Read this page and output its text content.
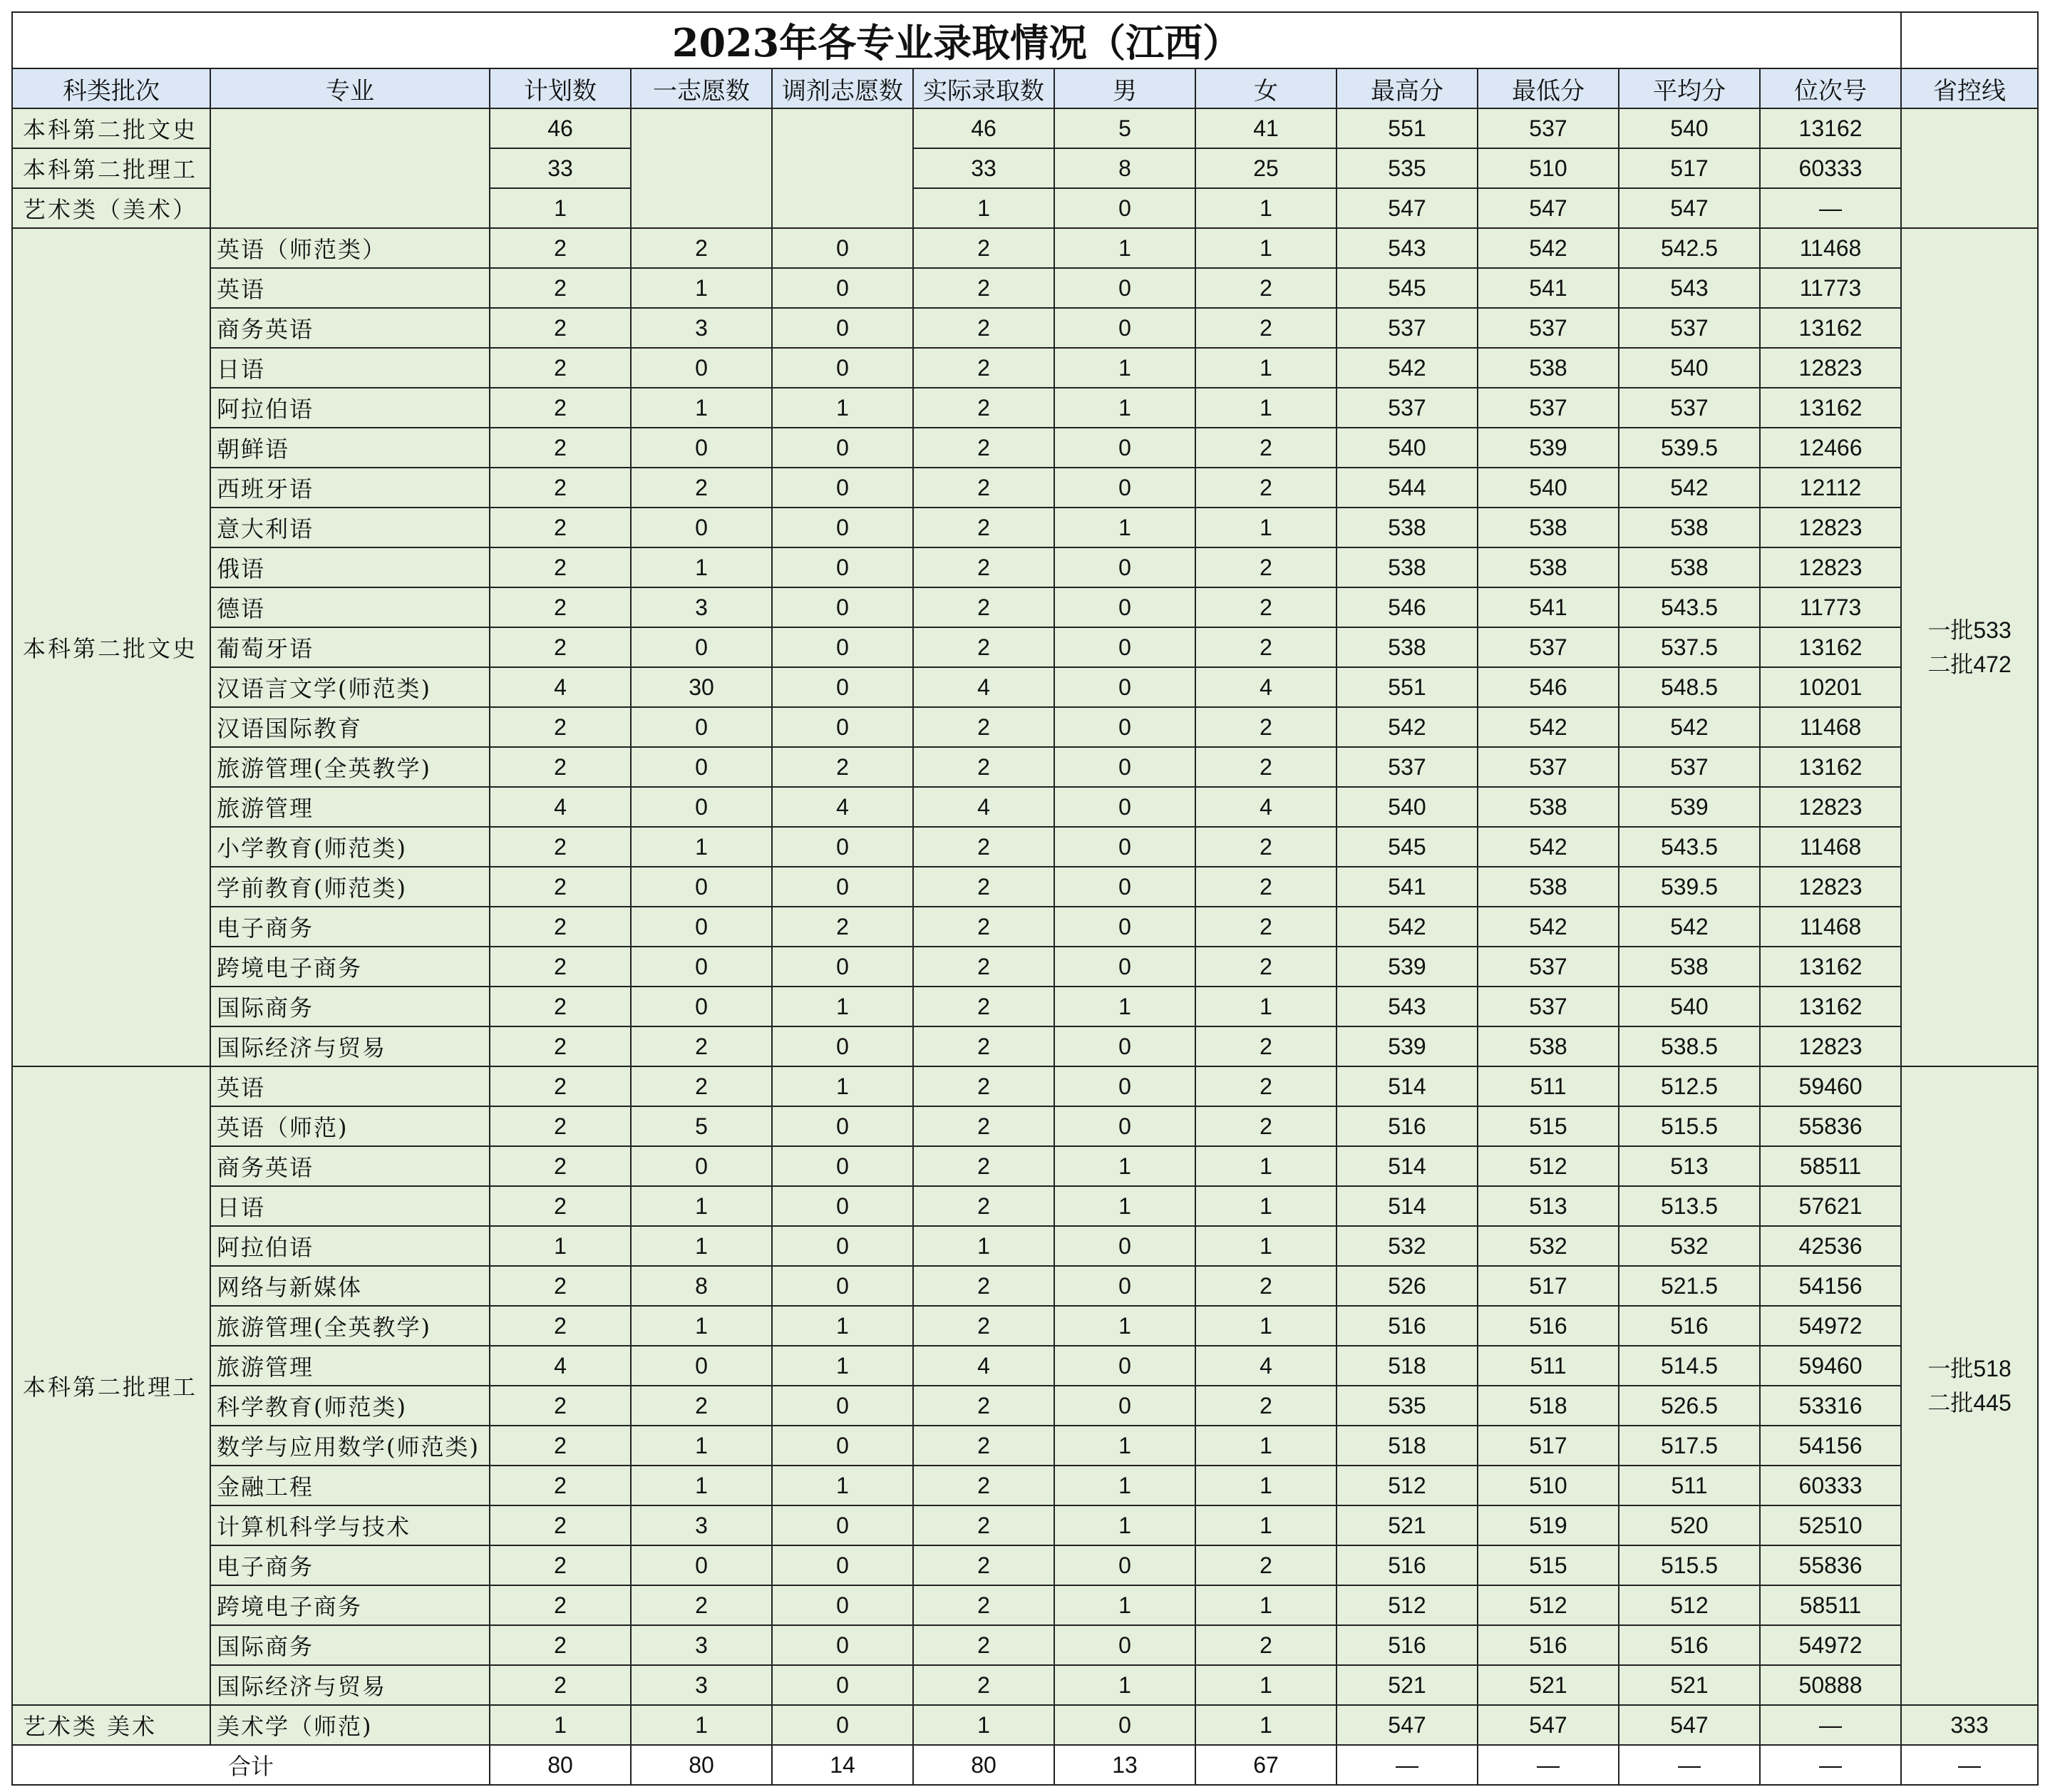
2023年各专业录取情况（江西）												
科类批次	专业	计划数	一志愿数	调剂志愿数	实际录取数	男	女	最高分	最低分	平均分	位次号	省控线
本科第二批文史		46			46	5	41	551	537	540	13162	
本科第二批理工		33			33	8	25	535	510	517	60333	
艺术类（美术）		1			1	0	1	547	547	547	—	
本科第二批文史	英语（师范类）	2	2	0	2	1	1	543	542	542.5	11468	一批533
二批472
	英语	2	1	0	2	0	2	545	541	543	11773	
	商务英语	2	3	0	2	0	2	537	537	537	13162	
	日语	2	0	0	2	1	1	542	538	540	12823	
	阿拉伯语	2	1	1	2	1	1	537	537	537	13162	
	朝鲜语	2	0	0	2	0	2	540	539	539.5	12466	
	西班牙语	2	2	0	2	0	2	544	540	542	12112	
	意大利语	2	0	0	2	1	1	538	538	538	12823	
	俄语	2	1	0	2	0	2	538	538	538	12823	
	德语	2	3	0	2	0	2	546	541	543.5	11773	
	葡萄牙语	2	0	0	2	0	2	538	537	537.5	13162	
	汉语言文学(师范类)	4	30	0	4	0	4	551	546	548.5	10201	
	汉语国际教育	2	0	0	2	0	2	542	542	542	11468	
	旅游管理(全英教学)	2	0	2	2	0	2	537	537	537	13162	
	旅游管理	4	0	4	4	0	4	540	538	539	12823	
	小学教育(师范类)	2	1	0	2	0	2	545	542	543.5	11468	
	学前教育(师范类)	2	0	0	2	0	2	541	538	539.5	12823	
	电子商务	2	0	2	2	0	2	542	542	542	11468	
	跨境电子商务	2	0	0	2	0	2	539	537	538	13162	
	国际商务	2	0	1	2	1	1	543	537	540	13162	
	国际经济与贸易	2	2	0	2	0	2	539	538	538.5	12823	
本科第二批理工	英语	2	2	1	2	0	2	514	511	512.5	59460	一批518
二批445
	英语（师范)	2	5	0	2	0	2	516	515	515.5	55836	
	商务英语	2	0	0	2	1	1	514	512	513	58511	
	日语	2	1	0	2	1	1	514	513	513.5	57621	
	阿拉伯语	1	1	0	1	0	1	532	532	532	42536	
	网络与新媒体	2	8	0	2	0	2	526	517	521.5	54156	
	旅游管理(全英教学)	2	1	1	2	1	1	516	516	516	54972	
	旅游管理	4	0	1	4	0	4	518	511	514.5	59460	
	科学教育(师范类)	2	2	0	2	0	2	535	518	526.5	53316	
	数学与应用数学(师范类)	2	1	0	2	1	1	518	517	517.5	54156	
	金融工程	2	1	1	2	1	1	512	510	511	60333	
	计算机科学与技术	2	3	0	2	1	1	521	519	520	52510	
	电子商务	2	0	0	2	0	2	516	515	515.5	55836	
	跨境电子商务	2	2	0	2	1	1	512	512	512	58511	
	国际商务	2	3	0	2	0	2	516	516	516	54972	
	国际经济与贸易	2	3	0	2	1	1	521	521	521	50888	
艺术类 美术	美术学（师范)	1	1	0	1	0	1	547	547	547	—	333
合计		80	80	14	80	13	67	—	—	—	—	—
